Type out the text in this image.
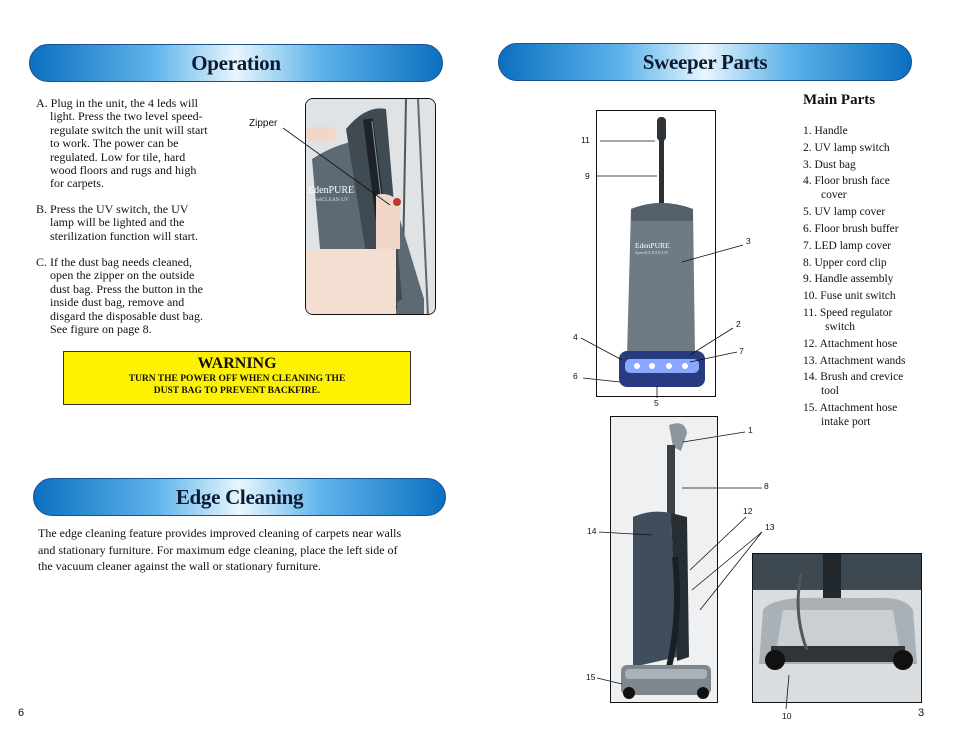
Operation
A. Plug in the unit, the 4 leds will
light. Press the two level speed-
regulate switch the unit will start
to work. The power can be
regulated. Low for tile, hard
wood floors and rugs and high
for carpets.
B. Press the UV switch, the UV
lamp will be lighted and the
sterilization function will start.
C. If the dust bag needs cleaned,
open the zipper on the outside
dust bag. Press the button in the
inside dust bag, remove and
disgard the disposable dust bag.
See figure on page 8.
Zipper
EdenPURE
SpeedCLEAN UV
WARNING
TURN THE POWER OFF WHEN CLEANING THE
DUST BAG TO PREVENT BACKFIRE.
Edge Cleaning
The edge cleaning feature provides improved cleaning of carpets near walls
and stationary furniture. For maximum edge cleaning, place the left side of
the vacuum cleaner against the wall or stationary furniture.
6
Sweeper Parts
Main Parts
1. Handle
2. UV lamp switch
3. Dust bag
4. Floor brush face
cover
5. UV lamp cover
6. Floor brush buffer
7. LED lamp cover
8. Upper cord clip
9. Handle assembly
10. Fuse unit switch
11. Speed regulator
switch
12. Attachment hose
13. Attachment wands
14. Brush and crevice
tool
15. Attachment hose
intake port
EdenPURE
SpeedCLEAN UV
11
9
3
4
2
7
6
5
1
8
12
13
14
15
10	3
